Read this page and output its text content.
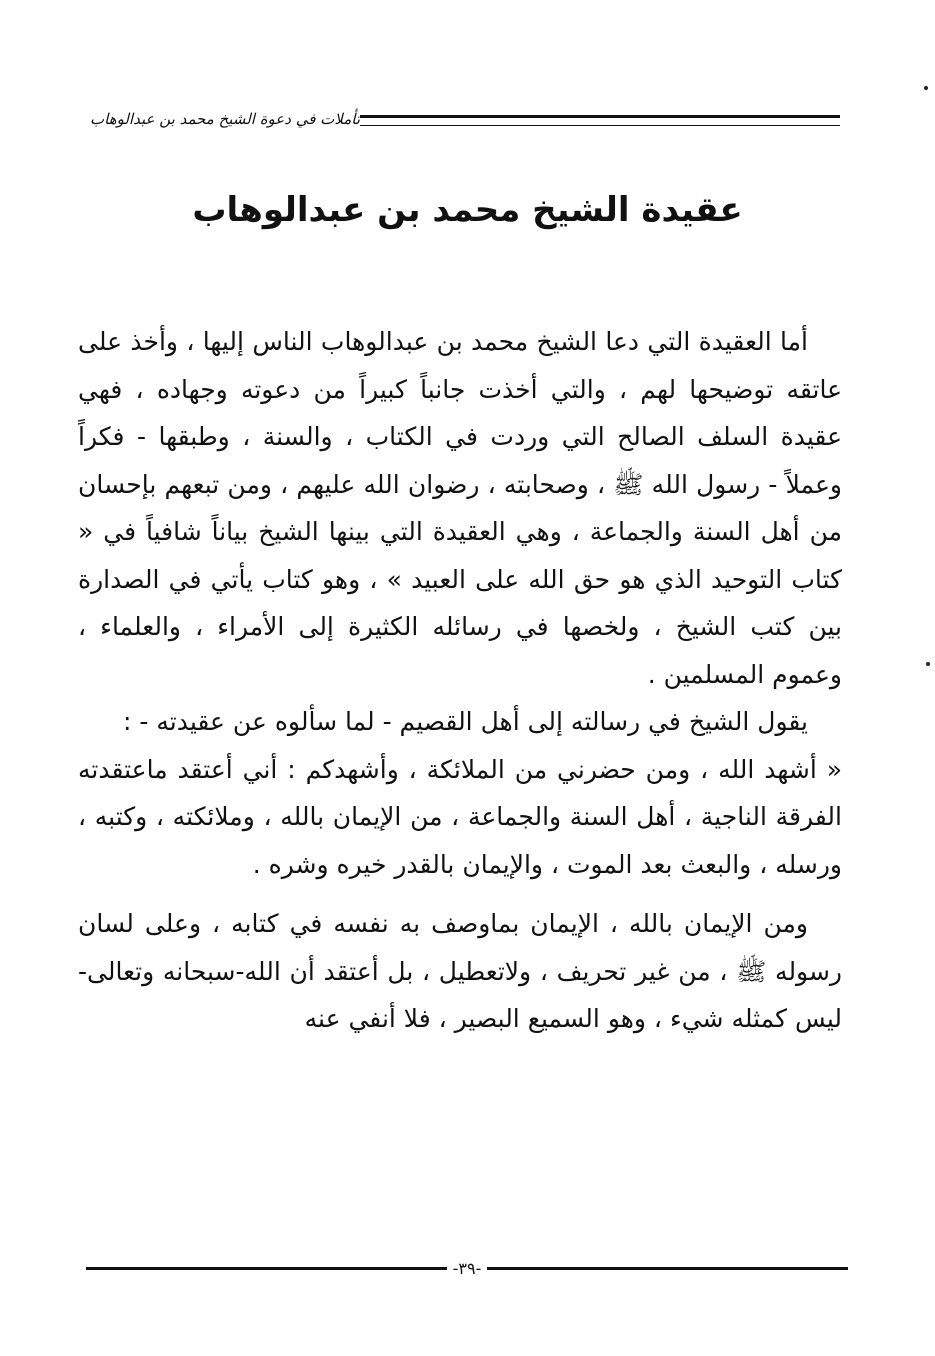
تأملات في دعوة الشيخ محمد بن عبدالوهاب
عقيدة الشيخ محمد بن عبدالوهاب

أما العقيدة التي دعا الشيخ محمد بن عبدالوهاب الناس إليها ، وأخذ على عاتقه توضيحها لهم ، والتي أخذت جانباً كبيراً من دعوته وجهاده ، فهي عقيدة السلف الصالح التي وردت في الكتاب ، والسنة ، وطبقها - فكراً وعملاً - رسول الله ﷺ ، وصحابته ، رضوان الله عليهم ، ومن تبعهم بإحسان من أهل السنة والجماعة ، وهي العقيدة التي بينها الشيخ بياناً شافياً في « كتاب التوحيد الذي هو حق الله على العبيد » ، وهو كتاب يأتي في الصدارة بين كتب الشيخ ، ولخصها في رسائله الكثيرة إلى الأمراء ، والعلماء ، وعموم المسلمين .

يقول الشيخ في رسالته إلى أهل القصيم - لما سألوه عن عقيدته - :

« أشهد الله ، ومن حضرني من الملائكة ، وأشهدكم : أني أعتقد ماعتقدته الفرقة الناجية ، أهل السنة والجماعة ، من الإيمان بالله ، وملائكته ، وكتبه ، ورسله ، والبعث بعد الموت ، والإيمان بالقدر خيره وشره .

ومن الإيمان بالله ، الإيمان بماوصف به نفسه في كتابه ، وعلى لسان رسوله ﷺ ، من غير تحريف ، ولاتعطيل ، بل أعتقد أن الله-سبحانه وتعالى-ليس كمثله شيء ، وهو السميع البصير ، فلا أنفي عنه

-٣٩-
